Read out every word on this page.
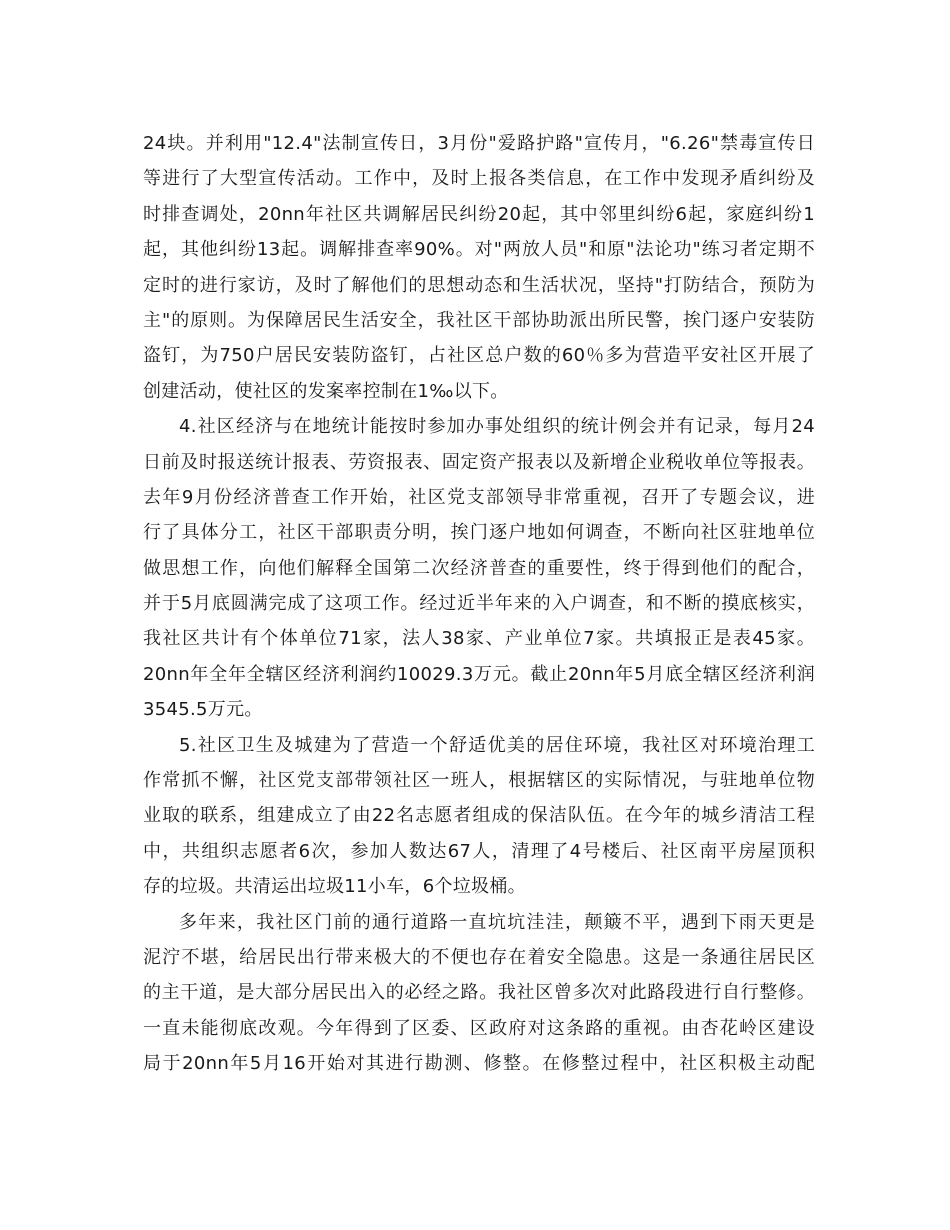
24块。并利用"12.4"法制宣传日，3月份"爱路护路"宣传月，"6.26"禁毒宣传日
等进行了大型宣传活动。工作中，及时上报各类信息，在工作中发现矛盾纠纷及
时排查调处，20nn年社区共调解居民纠纷20起，其中邻里纠纷6起，家庭纠纷1
起，其他纠纷13起。调解排查率90%。对"两放人员"和原"法论功"练习者定期不
定时的进行家访，及时了解他们的思想动态和生活状况，坚持"打防结合，预防为
主"的原则。为保障居民生活安全，我社区干部协助派出所民警，挨门逐户安装防
盗钉，为750户居民安装防盗钉，占社区总户数的60％多为营造平安社区开展了
创建活动，使社区的发案率控制在1‰以下。
4.社区经济与在地统计能按时参加办事处组织的统计例会并有记录，每月24
日前及时报送统计报表、劳资报表、固定资产报表以及新增企业税收单位等报表。
去年9月份经济普查工作开始，社区党支部领导非常重视，召开了专题会议，进
行了具体分工，社区干部职责分明，挨门逐户地如何调查，不断向社区驻地单位
做思想工作，向他们解释全国第二次经济普查的重要性，终于得到他们的配合，
并于5月底圆满完成了这项工作。经过近半年来的入户调查，和不断的摸底核实，
我社区共计有个体单位71家，法人38家、产业单位7家。共填报正是表45家。
20nn年全年全辖区经济利润约10029.3万元。截止20nn年5月底全辖区经济利润
3545.5万元。
5.社区卫生及城建为了营造一个舒适优美的居住环境，我社区对环境治理工
作常抓不懈，社区党支部带领社区一班人，根据辖区的实际情况，与驻地单位物
业取的联系，组建成立了由22名志愿者组成的保洁队伍。在今年的城乡清洁工程
中，共组织志愿者6次，参加人数达67人，清理了4号楼后、社区南平房屋顶积
存的垃圾。共清运出垃圾11小车，6个垃圾桶。
多年来，我社区门前的通行道路一直坑坑洼洼，颠簸不平，遇到下雨天更是
泥泞不堪，给居民出行带来极大的不便也存在着安全隐患。这是一条通往居民区
的主干道，是大部分居民出入的必经之路。我社区曾多次对此路段进行自行整修。
一直未能彻底改观。今年得到了区委、区政府对这条路的重视。由杏花岭区建设
局于20nn年5月16开始对其进行勘测、修整。在修整过程中，社区积极主动配
